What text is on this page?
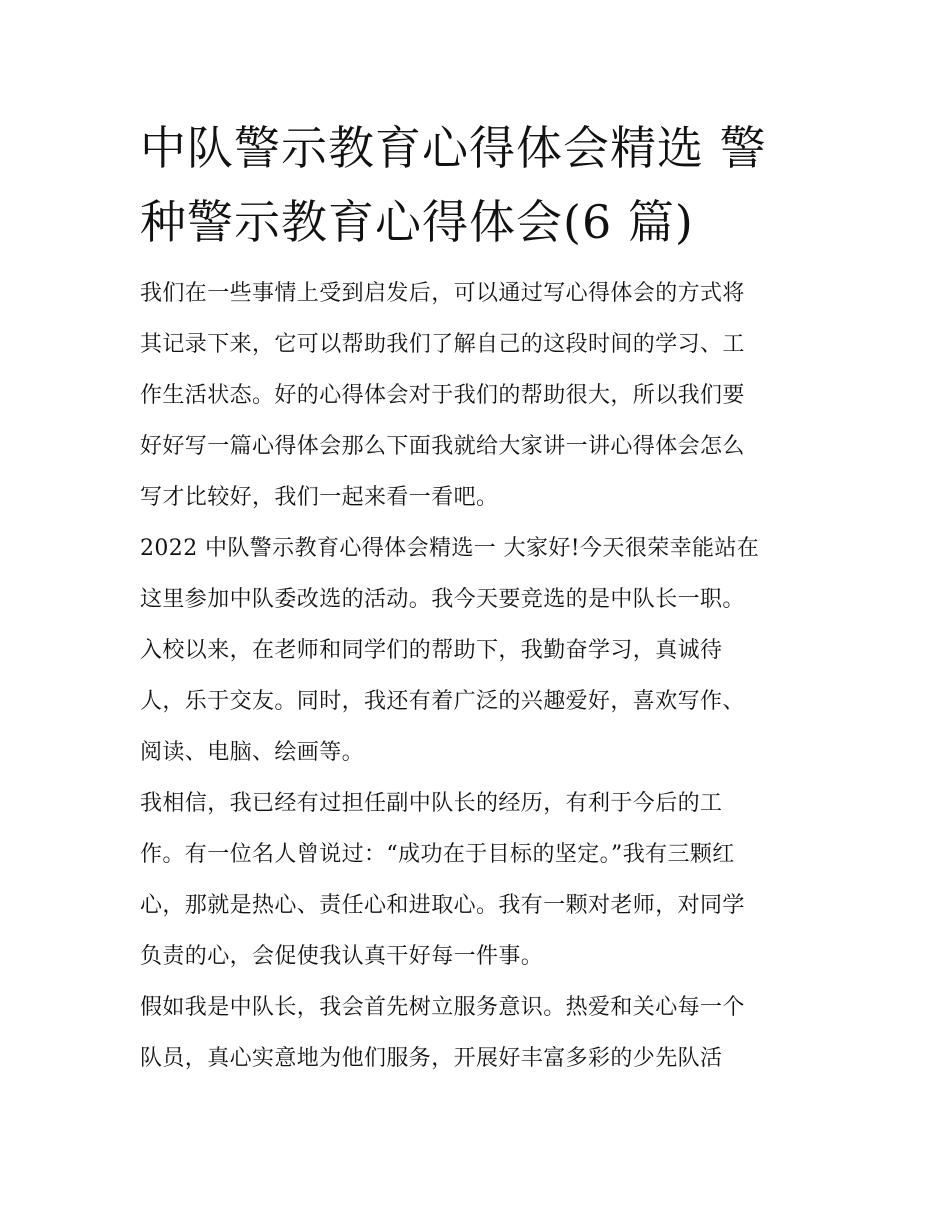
中队警示教育心得体会精选 警
种警示教育心得体会(6 篇)
我们在一些事情上受到启发后，可以通过写心得体会的方式将
其记录下来，它可以帮助我们了解自己的这段时间的学习、工
作生活状态。好的心得体会对于我们的帮助很大，所以我们要
好好写一篇心得体会那么下面我就给大家讲一讲心得体会怎么
写才比较好，我们一起来看一看吧。
2022 中队警示教育心得体会精选一 大家好!今天很荣幸能站在
这里参加中队委改选的活动。我今天要竞选的是中队长一职。
入校以来，在老师和同学们的帮助下，我勤奋学习，真诚待
人，乐于交友。同时，我还有着广泛的兴趣爱好，喜欢写作、
阅读、电脑、绘画等。
我相信，我已经有过担任副中队长的经历，有利于今后的工
作。有一位名人曾说过：“成功在于目标的坚定。”我有三颗红
心，那就是热心、责任心和进取心。我有一颗对老师，对同学
负责的心，会促使我认真干好每一件事。
假如我是中队长，我会首先树立服务意识。热爱和关心每一个
队员，真心实意地为他们服务，开展好丰富多彩的少先队活
